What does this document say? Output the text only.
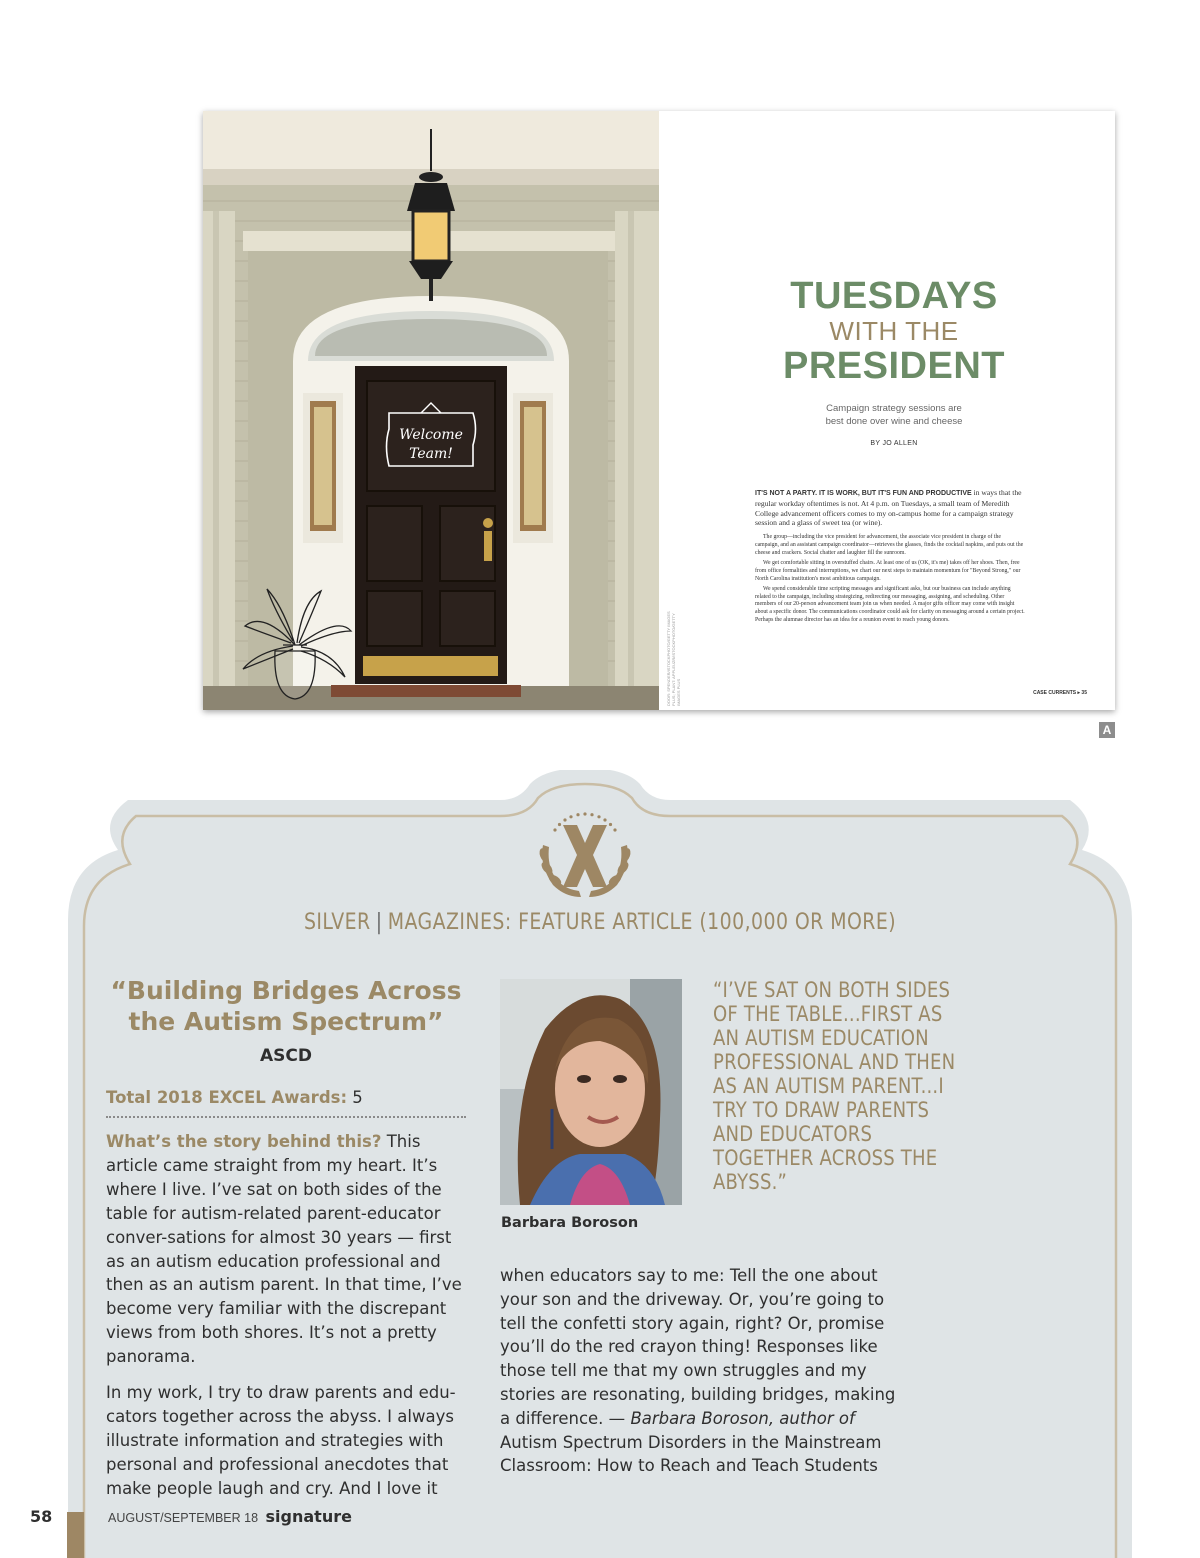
Welcome
Team!
DOOR: SPENDER/ISTOCKPHOTO/GETTY IMAGES PLUS; PLANT: APPLEUZR/ISTOCKPHOTO/GETTY IMAGES PLUS
TUESDAYS
WITH THE
PRESIDENT
Campaign strategy sessions are
best done over wine and cheese
BY JO ALLEN

IT'S NOT A PARTY. IT IS WORK, BUT IT'S FUN AND PRODUCTIVE in ways that the regular workday oftentimes is not. At 4 p.m. on Tuesdays, a small team of Meredith College advancement officers comes to my on-campus home for a campaign strategy session and a glass of sweet tea (or wine).

The group—including the vice president for advancement, the associate vice president in charge of the campaign, and an assistant campaign coordinator—retrieves the glasses, finds the cocktail napkins, and puts out the cheese and crackers. Social chatter and laughter fill the sunroom.

We get comfortable sitting in overstuffed chairs. At least one of us (OK, it's me) takes off her shoes. Then, free from office formalities and interruptions, we chart our next steps to maintain momentum for "Beyond Strong," our North Carolina institution's most ambitious campaign.

We spend considerable time scripting messages and significant asks, but our business can include anything related to the campaign, including strategizing, redirecting our messaging, assigning, and scheduling. Other members of our 20-person advancement team join us when needed. A major gifts officer may come with insight about a specific donor. The communications coordinator could ask for clarity on messaging around a certain project. Perhaps the alumnae director has an idea for a reunion event to reach young donors.

CASE CURRENTS ▸ 35
A
SILVER | MAGAZINES: FEATURE ARTICLE (100,000 OR MORE)
“Building Bridges Across the Autism Spectrum”
ASCD
Total 2018 EXCEL Awards: 5

What’s the story behind this? This article came straight from my heart. It’s where I live. I’ve sat on both sides of the table for autism-related parent-educator conver-sations for almost 30 years — first as an autism education professional and then as an autism parent. In that time, I’ve become very familiar with the discrepant views from both shores. It’s not a pretty panorama.

In my work, I try to draw parents and edu-cators together across the abyss. I always illustrate information and strategies with personal and professional anecdotes that make people laugh and cry. And I love it

Barbara Boroson
“I’VE SAT ON BOTH SIDES OF THE TABLE...FIRST AS AN AUTISM EDUCATION PROFESSIONAL AND THEN AS AN AUTISM PARENT...I TRY TO DRAW PARENTS AND EDUCATORS TOGETHER ACROSS THE ABYSS.”
when educators say to me: Tell the one about your son and the driveway. Or, you’re going to tell the confetti story again, right? Or, promise you’ll do the red crayon thing! Responses like those tell me that my own struggles and my stories are resonating, building bridges, making a difference. — Barbara Boroson, author of Autism Spectrum Disorders in the Mainstream Classroom: How to Reach and Teach Students
58	AUGUST/SEPTEMBER 18 signature
